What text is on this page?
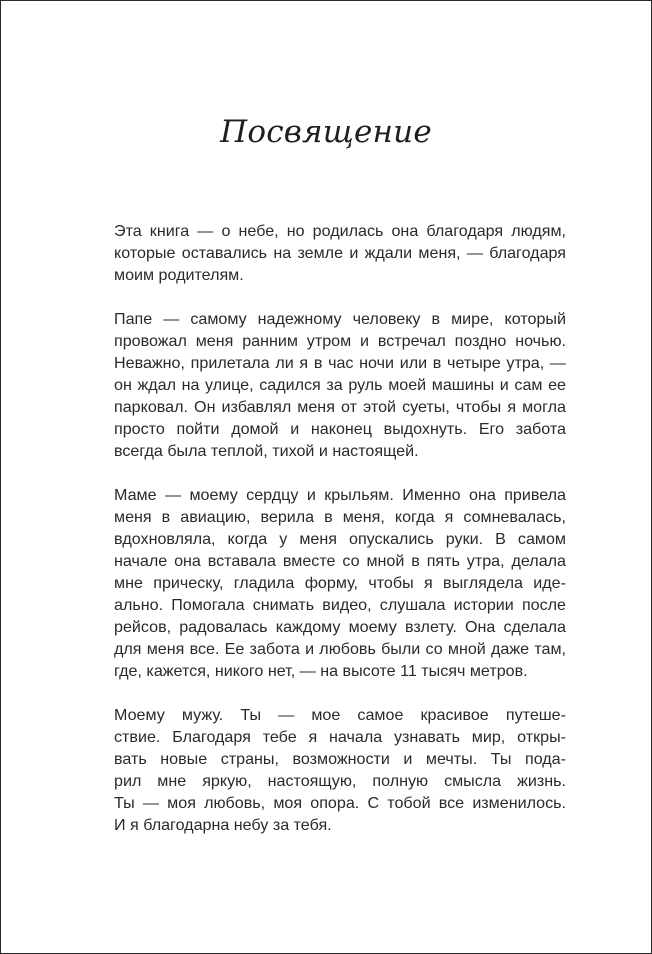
Посвящение
Эта книга — о небе, но родилась она благодаря людям,
которые оставались на земле и ждали меня, — благодаря
моим родителям.
Папе — самому надежному человеку в мире, который
провожал меня ранним утром и встречал поздно ночью.
Неважно, прилетала ли я в час ночи или в четыре утра, —
он ждал на улице, садился за руль моей машины и сам ее
парковал. Он избавлял меня от этой суеты, чтобы я могла
просто пойти домой и наконец выдохнуть. Его забота
всегда была теплой, тихой и настоящей.
Маме — моему сердцу и крыльям. Именно она привела
меня в авиацию, верила в меня, когда я сомневалась,
вдохновляла, когда у меня опускались руки. В самом
начале она вставала вместе со мной в пять утра, делала
мне прическу, гладила форму, чтобы я выглядела иде-
ально. Помогала снимать видео, слушала истории после
рейсов, радовалась каждому моему взлету. Она сделала
для меня все. Ее забота и любовь были со мной даже там,
где, кажется, никого нет, — на высоте 11 тысяч метров.
Моему мужу. Ты — мое самое красивое путеше-
ствие. Благодаря тебе я начала узнавать мир, откры-
вать новые страны, возможности и мечты. Ты пода-
рил мне яркую, настоящую, полную смысла жизнь.
Ты — моя любовь, моя опора. С тобой все изменилось.
И я благодарна небу за тебя.
